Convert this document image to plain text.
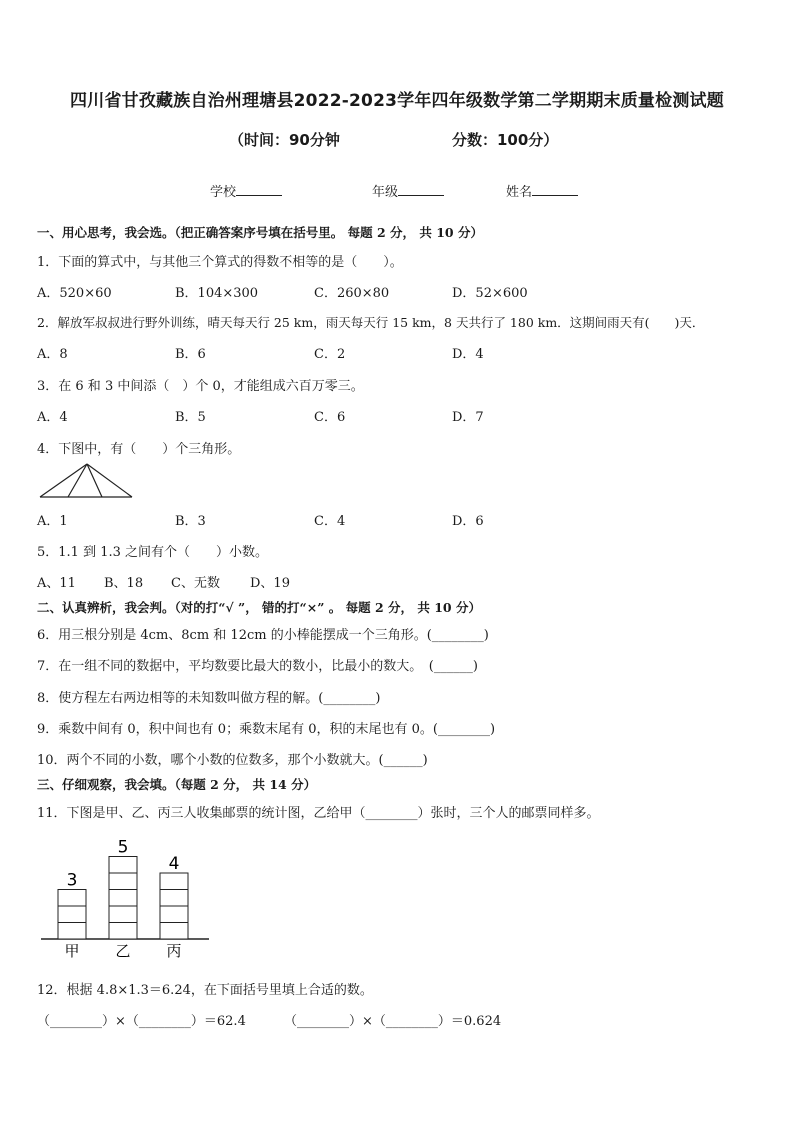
四川省甘孜藏族自治州理塘县2022-2023学年四年级数学第二学期期末质量检测试题
（时间：90分钟	分数：100分）
学校	年级	姓名
一、用心思考，我会选。（把正确答案序号填在括号里。 每题 2 分， 共 10 分）
1．下面的算式中，与其他三个算式的得数不相等的是（　　）。
A．520×60	B．104×300	C．260×80	D．52×600
2．解放军叔叔进行野外训练，晴天每天行 25 km，雨天每天行 15 km，8 天共行了 180 km．这期间雨天有(　　)天．
A．8	B．6	C．2	D．4
3．在 6 和 3 中间添（　）个 0，才能组成六百万零三。
A．4	B．5	C．6	D．7
4．下图中，有（　　）个三角形。
A．1	B．3	C．4	D．6
5．1.1 到 1.3 之间有个（　　）小数。
A、11 B、18 C、无数 D、19
二、认真辨析，我会判。（对的打“√ ”， 错的打“×” 。 每题 2 分， 共 10 分）
6．用三根分别是 4cm、8cm 和 12cm 的小棒能摆成一个三角形。(________)
7．在一组不同的数据中，平均数要比最大的数小，比最小的数大。　(______)
8．使方程左右两边相等的未知数叫做方程的解。(________)
9．乘数中间有 0，积中间也有 0；乘数末尾有 0，积的末尾也有 0。(________)
10．两个不同的小数，哪个小数的位数多，那个小数就大。(______)
三、仔细观察，我会填。（每题 2 分， 共 14 分）
11．下图是甲、乙、丙三人收集邮票的统计图，乙给甲（________）张时，三个人的邮票同样多。
3
甲
5
乙
4
丙
12．根据 4.8×1.3＝6.24，在下面括号里填上合适的数。
（________）×（________）＝62.4	（________）×（________）＝0.624
